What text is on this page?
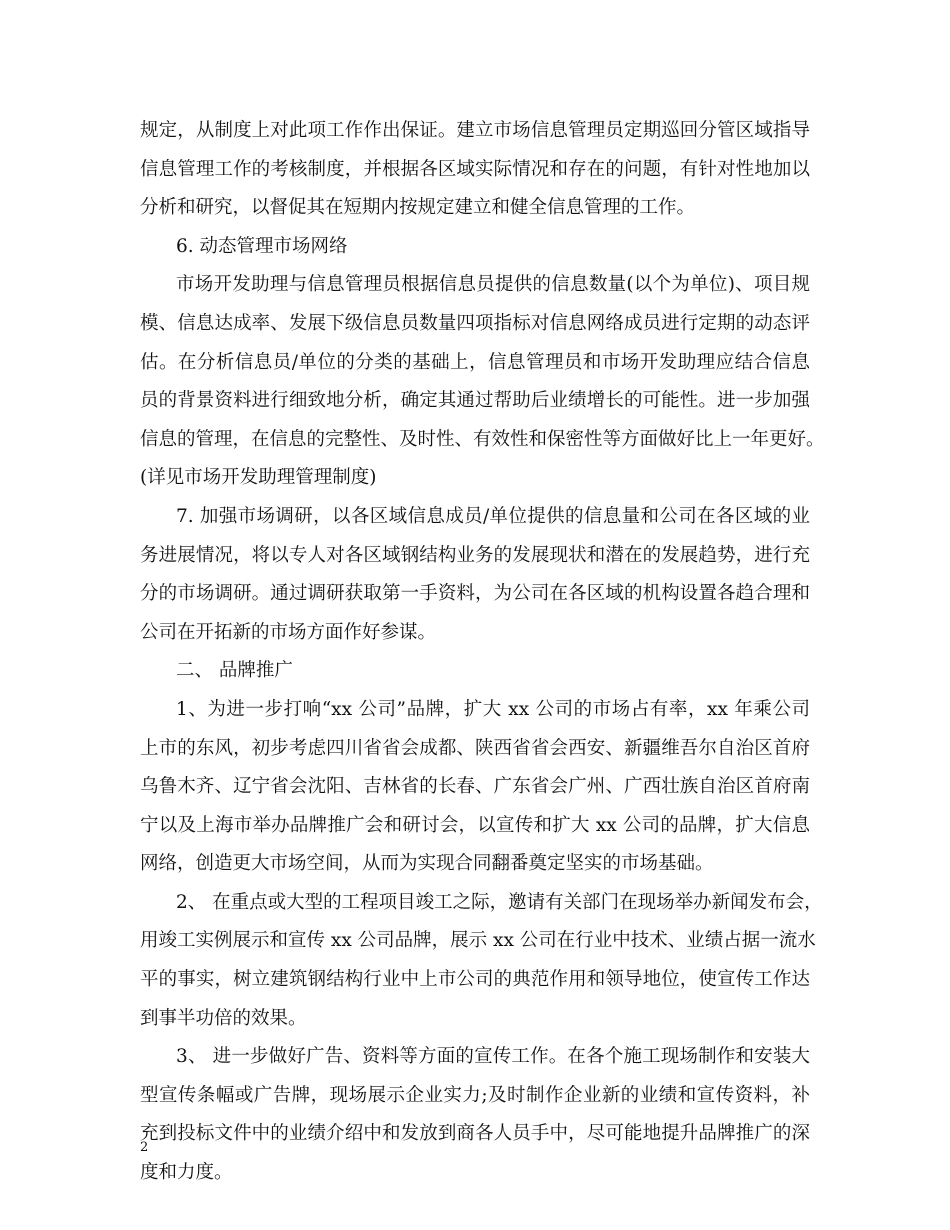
规定，从制度上对此项工作作出保证。建立市场信息管理员定期巡回分管区域指导
信息管理工作的考核制度，并根据各区域实际情况和存在的问题，有针对性地加以
分析和研究，以督促其在短期内按规定建立和健全信息管理的工作。
6. 动态管理市场网络
市场开发助理与信息管理员根据信息员提供的信息数量(以个为单位)、项目规
模、信息达成率、发展下级信息员数量四项指标对信息网络成员进行定期的动态评
估。在分析信息员/单位的分类的基础上，信息管理员和市场开发助理应结合信息
员的背景资料进行细致地分析，确定其通过帮助后业绩增长的可能性。进一步加强
信息的管理，在信息的完整性、及时性、有效性和保密性等方面做好比上一年更好。
(详见市场开发助理管理制度)
7. 加强市场调研，以各区域信息成员/单位提供的信息量和公司在各区域的业
务进展情况，将以专人对各区域钢结构业务的发展现状和潜在的发展趋势，进行充
分的市场调研。通过调研获取第一手资料，为公司在各区域的机构设置各趋合理和
公司在开拓新的市场方面作好参谋。
二、 品牌推广
1、为进一步打响“xx 公司”品牌，扩大 xx 公司的市场占有率，xx 年乘公司
上市的东风，初步考虑四川省省会成都、陕西省省会西安、新疆维吾尔自治区首府
乌鲁木齐、辽宁省会沈阳、吉林省的长春、广东省会广州、广西壮族自治区首府南
宁以及上海市举办品牌推广会和研讨会，以宣传和扩大 xx 公司的品牌，扩大信息
网络，创造更大市场空间，从而为实现合同翻番奠定坚实的市场基础。
2、 在重点或大型的工程项目竣工之际，邀请有关部门在现场举办新闻发布会，
用竣工实例展示和宣传 xx 公司品牌，展示 xx 公司在行业中技术、业绩占据一流水
平的事实，树立建筑钢结构行业中上市公司的典范作用和领导地位，使宣传工作达
到事半功倍的效果。
3、 进一步做好广告、资料等方面的宣传工作。在各个施工现场制作和安装大
型宣传条幅或广告牌，现场展示企业实力;及时制作企业新的业绩和宣传资料，补
充到投标文件中的业绩介绍中和发放到商各人员手中，尽可能地提升品牌推广的深
度和力度。
2
